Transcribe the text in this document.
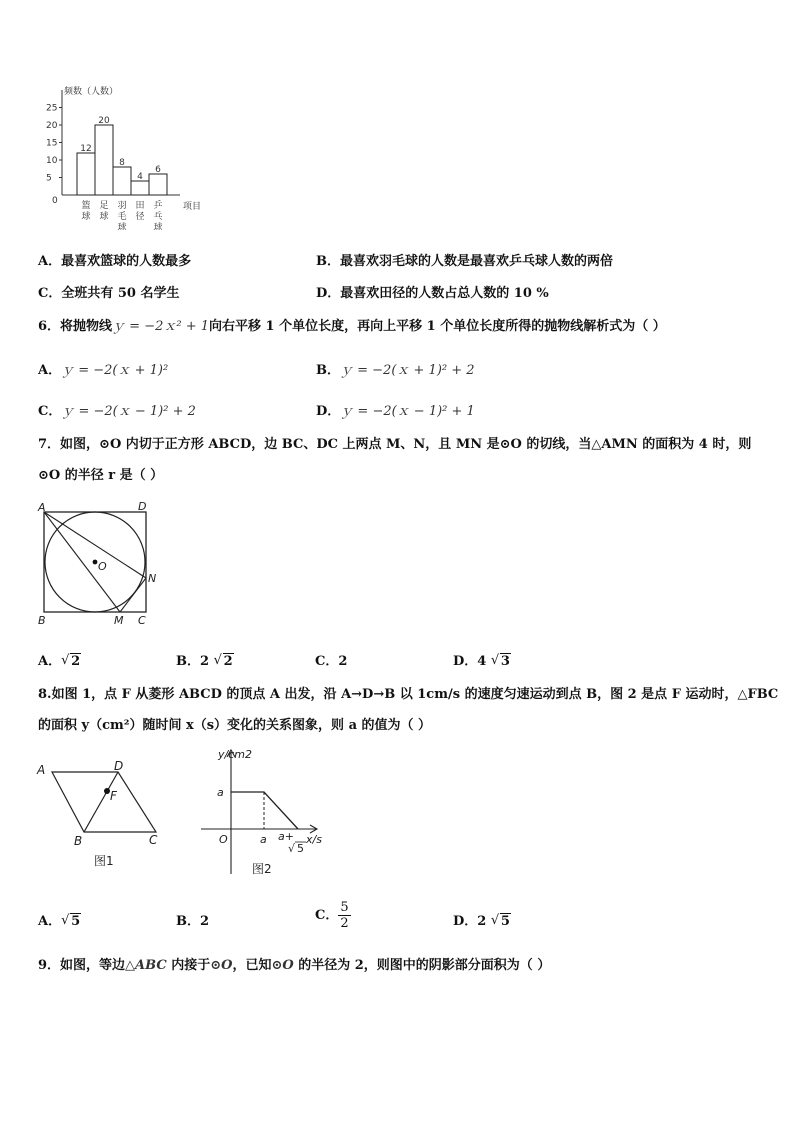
频数（人数）
25
20
15
10
5
0
12
20
8
4
6
篮
球
足
球
羽
毛
球
田
径
乒
乓
球
项目
A．最喜欢篮球的人数最多	B．最喜欢羽毛球的人数是最喜欢乒乓球人数的两倍
C．全班共有 50 名学生	D．最喜欢田径的人数占总人数的 10 %
6．将抛物线ｙ = −2ｘ² + 1向右平移 1 个单位长度，再向上平移 1 个单位长度所得的抛物线解析式为（ ）
A．ｙ = −2(ｘ + 1)²	B．ｙ = −2(ｘ + 1)² + 2
C．ｙ = −2(ｘ − 1)² + 2	D．ｙ = −2(ｘ − 1)² + 1
7．如图，⊙O 内切于正方形 ABCD，边 BC、DC 上两点 M、N，且 MN 是⊙O 的切线，当△AMN 的面积为 4 时，则
⊙O 的半径 r 是（ ）
O
A	D
B	C
M
N
A． √ 2	B．2 √ 2	C．2	D．4 √ 3
8.如图 1，点 F 从菱形 ABCD 的顶点 A 出发，沿 A→D→B 以 1cm/s 的速度匀速运动到点 B，图 2 是点 F 运动时，△FBC
的面积 y（cm²）随时间 x（s）变化的关系图象，则 a 的值为（ ）
A	D
F
B	C
图1
y/cm2
a
O	a a+
√ 5
x/s
图2
A． √ 5	B．2	C． $\frac{5}{2}$	D．2 √ 5
9．如图，等边△ABC 内接于⊙O，已知⊙O 的半径为 2，则图中的阴影部分面积为（ ）
